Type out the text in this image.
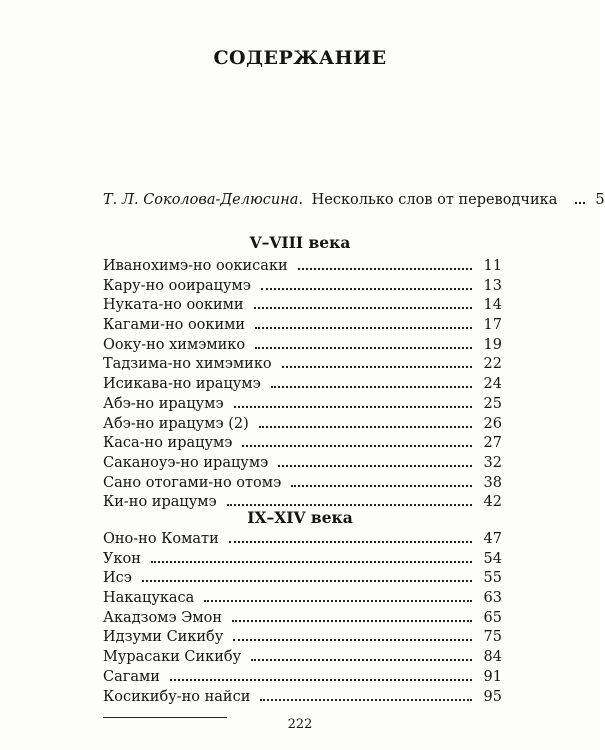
СОДЕРЖАНИЕ
Т. Л. Соколова-Делюсина.
Несколько слов от переводчика	5
V–VIII века
Иванохимэ-но оокисаки	11
Кару-но ооирацумэ	13
Нуката-но оокими	14
Кагами-но оокими	17
Ооку-но химэмико	19
Тадзима-но химэмико	22
Исикава-но ирацумэ	24
Абэ-но ирацумэ	25
Абэ-но ирацумэ (2)	26
Каса-но ирацумэ	27
Саканоуэ-но ирацумэ	32
Сано отогами-но отомэ	38
Ки-но ирацумэ	42
IX–XIV века
Оно-но Комати	47
Укон	54
Исэ	55
Накацукаса	63
Акадзомэ Эмон	65
Идзуми Сикибу	75
Мурасаки Сикибу	84
Сагами	91
Косикибу-но найси	95
222
